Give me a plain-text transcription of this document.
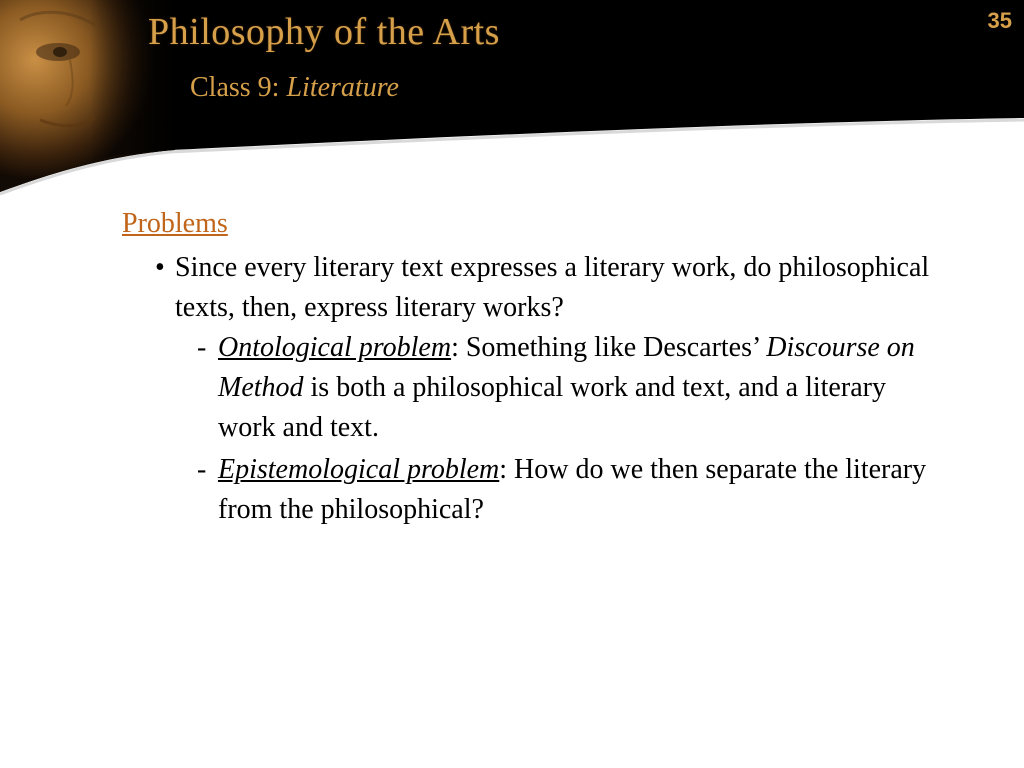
Philosophy of the Arts
Class 9: Literature
35
Problems
• Since every literary text expresses a literary work, do philosophical texts, then, express literary works?
- Ontological problem: Something like Descartes’ Discourse on Method is both a philosophical work and text, and a literary work and text.
- Epistemological problem: How do we then separate the literary from the philosophical?
